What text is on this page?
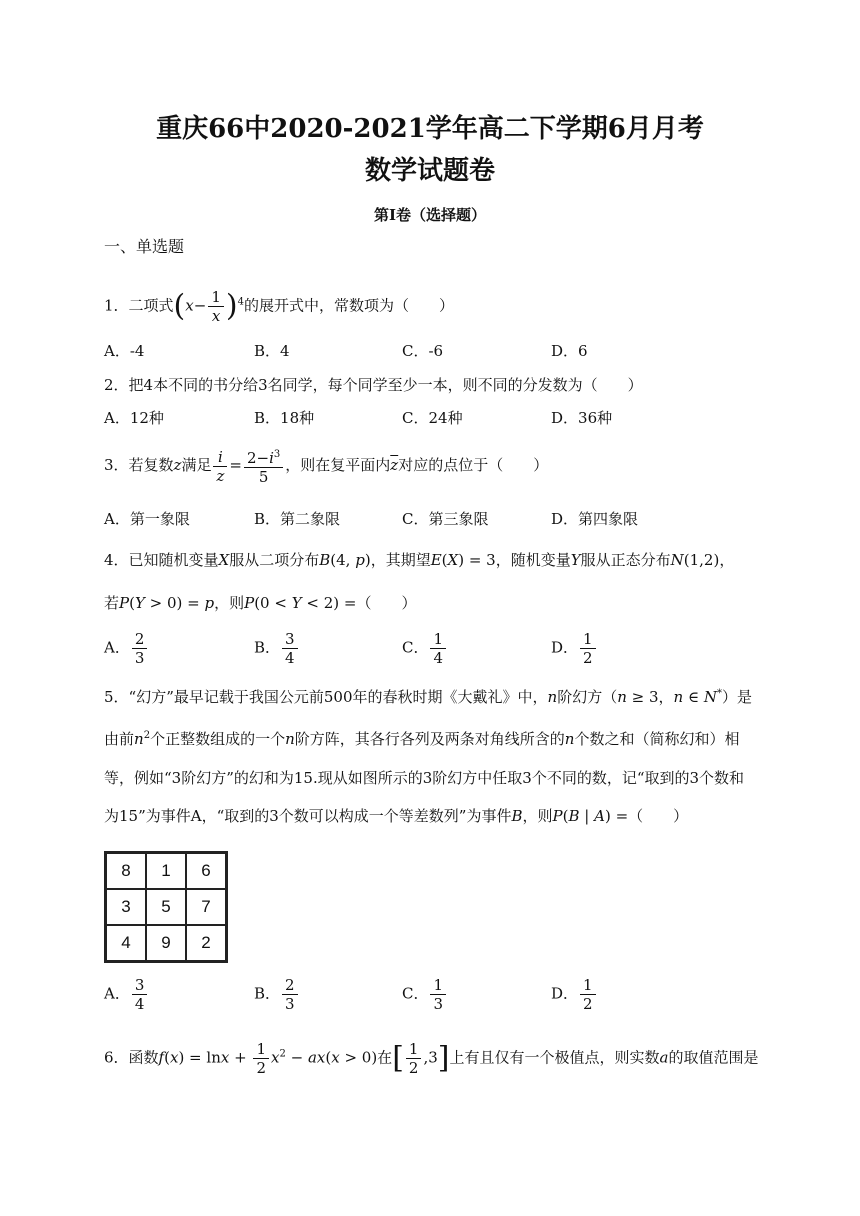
重庆66中2020-2021学年高二下学期6月月考
数学试题卷
第Ⅰ卷（选择题）
一、单选题
1．二项式$(x- \frac{1}{x} )^4$的展开式中，常数项为（　　）
A．-4	B．4	C．-6	D．6
2．把4本不同的书分给3名同学，每个同学至少一本，则不同的分发数为（　　）
A．12种	B．18种	C．24种	D．36种
3．若复数z满足 $\frac{i}{z} = \frac{2-i^3}{5}$ ，则在复平面内$\overline{z}$对应的点位于（　　）
A．第一象限	B．第二象限	C．第三象限	D．第四象限
4．已知随机变量X服从二项分布B(4, p)，其期望E(X) = 3，随机变量Y服从正态分布N(1,2)，
若P(Y > 0) = p，则P(0 < Y < 2) =（　　）
A． $\frac{2}{3}$	B． $\frac{3}{4}$	C． $\frac{1}{4}$	D． $\frac{1}{2}$
5．“幻方”最早记载于我国公元前500年的春秋时期《大戴礼》中，n阶幻方（n ≥ 3，n ∈ N*）是
由前$n^2$个正整数组成的一个n阶方阵，其各行各列及两条对角线所含的n个数之和（简称幻和）相
等，例如“3阶幻方”的幻和为15.现从如图所示的3阶幻方中任取3个不同的数，记“取到的3个数和
为15”为事件A，“取到的3个数可以构成一个等差数列”为事件B，则P(B | A) =（　　）
8	1	6
3	5	7
4	9	2
A． $\frac{3}{4}$	B． $\frac{2}{3}$	C． $\frac{1}{3}$	D． $\frac{1}{2}$
6．函数$f(x) = \ln x + \frac{1}{2} x^2 - ax(x > 0)$在[ $\frac{1}{2} ,3$]上有且仅有一个极值点，则实数a的取值范围是
